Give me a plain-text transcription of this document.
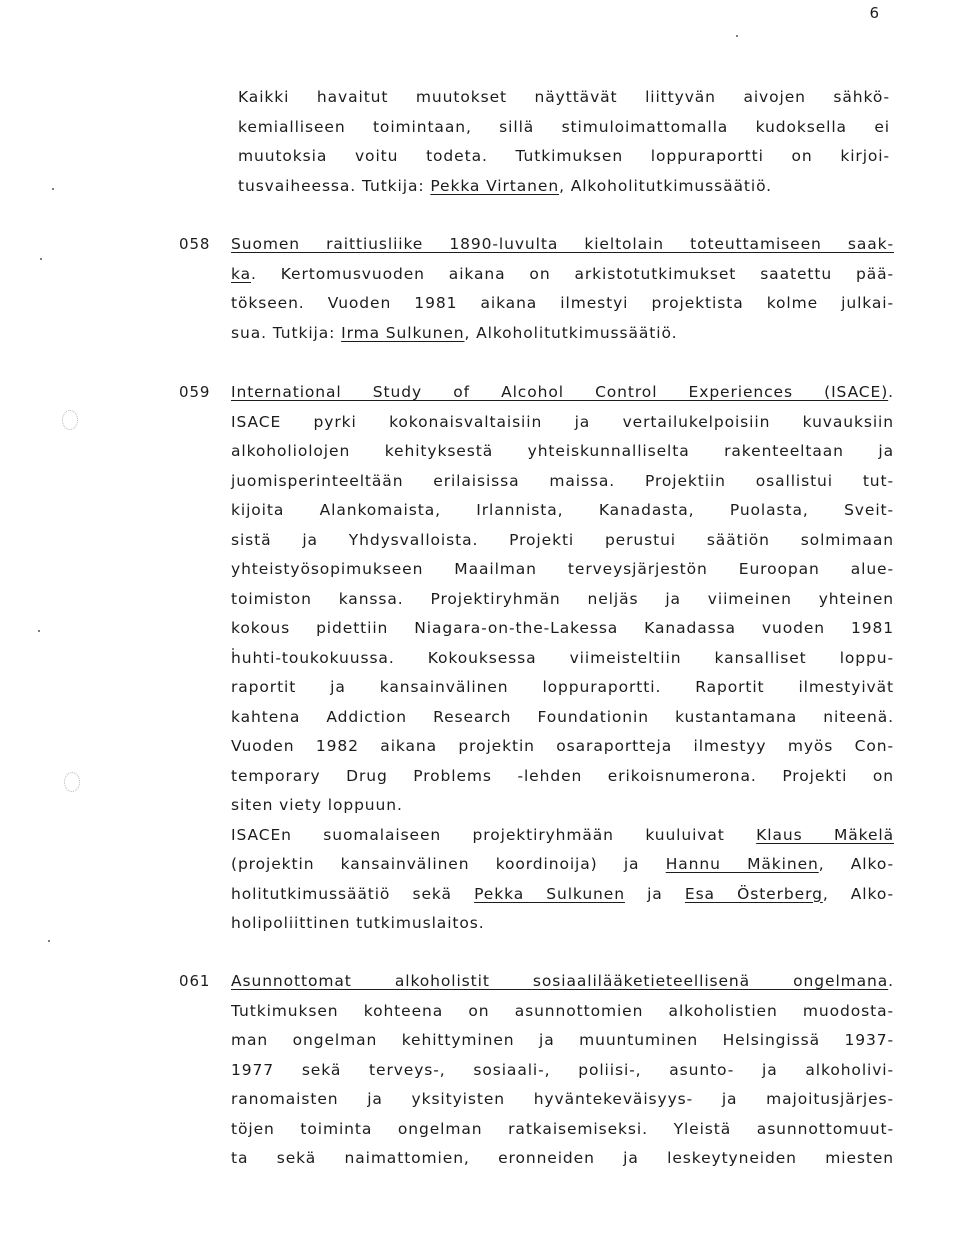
6
Kaikki havaitut muutokset näyttävät liittyvän aivojen sähkö-
kemialliseen toimintaan, sillä stimuloimattomalla kudoksella ei
muutoksia voitu todeta. Tutkimuksen loppuraportti on kirjoi-
tusvaiheessa. Tutkija: Pekka Virtanen, Alkoholitutkimussäätiö.
058 Suomen raittiusliike 1890-luvulta kieltolain toteuttamiseen saak-
ka. Kertomusvuoden aikana on arkistotutkimukset saatettu pää-
tökseen. Vuoden 1981 aikana ilmestyi projektista kolme julkai-
sua. Tutkija: Irma Sulkunen, Alkoholitutkimussäätiö.
059 International Study of Alcohol Control Experiences (ISACE).
ISACE pyrki kokonaisvaltaisiin ja vertailukelpoisiin kuvauksiin
alkoholiolojen kehityksestä yhteiskunnalliselta rakenteeltaan ja
juomisperinteeltään erilaisissa maissa. Projektiin osallistui tut-
kijoita Alankomaista, Irlannista, Kanadasta, Puolasta, Sveit-
sistä ja Yhdysvalloista. Projekti perustui säätiön solmimaan
yhteistyösopimukseen Maailman terveysjärjestön Euroopan alue-
toimiston kanssa. Projektiryhmän neljäs ja viimeinen yhteinen
kokous pidettiin Niagara-on-the-Lakessa Kanadassa vuoden 1981
huhti-toukokuussa. Kokouksessa viimeisteltiin kansalliset loppu-
raportit ja kansainvälinen loppuraportti. Raportit ilmestyivät
kahtena Addiction Research Foundationin kustantamana niteenä.
Vuoden 1982 aikana projektin osaraportteja ilmestyy myös Con-
temporary Drug Problems -lehden erikoisnumerona. Projekti on
siten viety loppuun.
ISACEn suomalaiseen projektiryhmään kuuluivat Klaus Mäkelä
(projektin kansainvälinen koordinoija) ja Hannu Mäkinen, Alko-
holitutkimussäätiö sekä Pekka Sulkunen ja Esa Österberg, Alko-
holipoliittinen tutkimuslaitos.
061 Asunnottomat alkoholistit sosiaalilääketieteellisenä ongelmana.
Tutkimuksen kohteena on asunnottomien alkoholistien muodosta-
man ongelman kehittyminen ja muuntuminen Helsingissä 1937-
1977 sekä terveys-, sosiaali-, poliisi-, asunto- ja alkoholivi-
ranomaisten ja yksityisten hyväntekeväisyys- ja majoitusjärjes-
töjen toiminta ongelman ratkaisemiseksi. Yleistä asunnottomuut-
ta sekä naimattomien, eronneiden ja leskeytyneiden miesten
